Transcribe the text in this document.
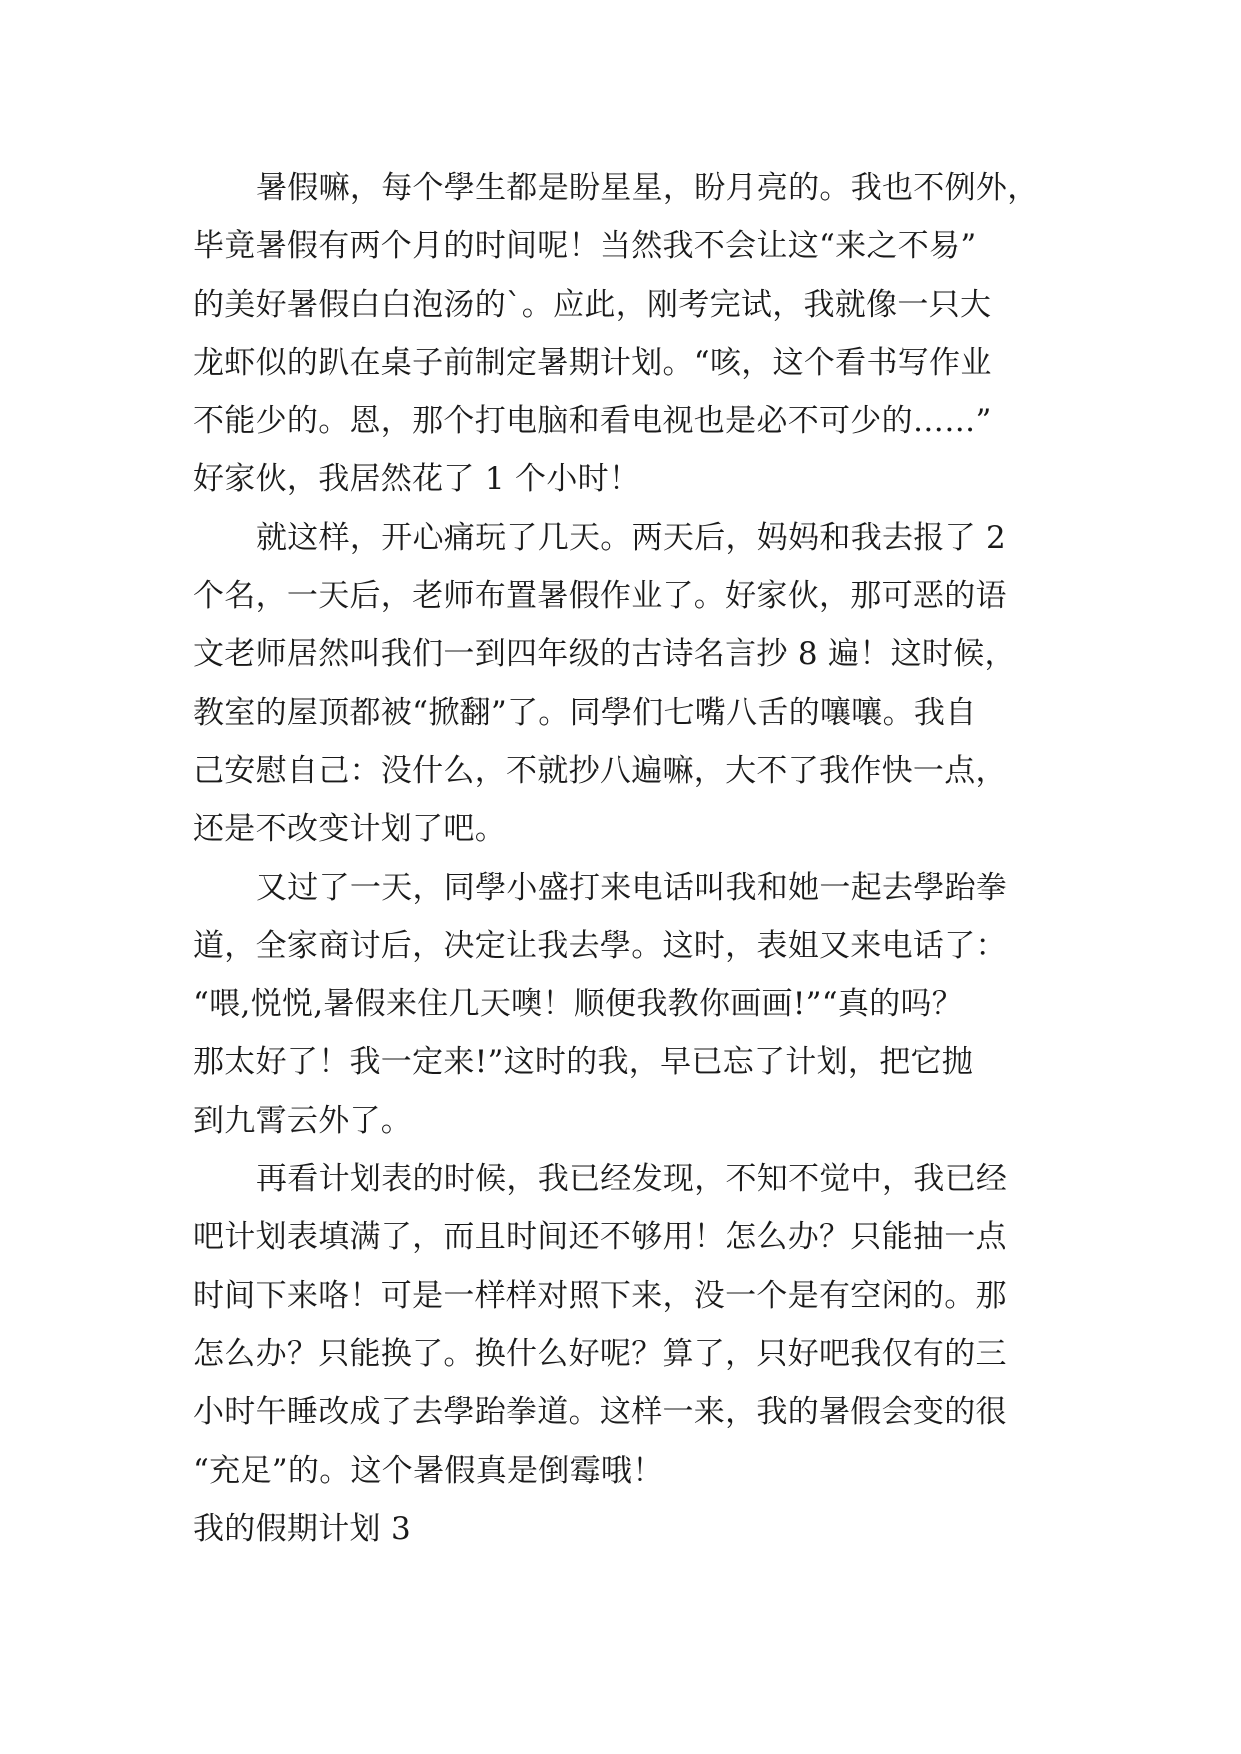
暑假嘛，每个學生都是盼星星，盼月亮的。我也不例外，
毕竟暑假有两个月的时间呢！当然我不会让这“来之不易”
的美好暑假白白泡汤的`。应此，刚考完试，我就像一只大
龙虾似的趴在桌子前制定暑期计划。“咳，这个看书写作业
不能少的。恩，那个打电脑和看电视也是必不可少的……”
好家伙，我居然花了 1 个小时！
就这样，开心痛玩了几天。两天后，妈妈和我去报了 2
个名，一天后，老师布置暑假作业了。好家伙，那可恶的语
文老师居然叫我们一到四年级的古诗名言抄 8 遍！这时候，
教室的屋顶都被“掀翻”了。同學们七嘴八舌的嚷嚷。我自
己安慰自己：没什么，不就抄八遍嘛，大不了我作快一点，
还是不改变计划了吧。
又过了一天，同學小盛打来电话叫我和她一起去學跆拳
道，全家商讨后，决定让我去學。这时，表姐又来电话了：
“喂,悦悦,暑假来住几天噢！顺便我教你画画!”“真的吗？
那太好了！我一定来!”这时的我，早已忘了计划，把它抛
到九霄云外了。
再看计划表的时候，我已经发现，不知不觉中，我已经
吧计划表填满了，而且时间还不够用！怎么办？只能抽一点
时间下来咯！可是一样样对照下来，没一个是有空闲的。那
怎么办？只能换了。换什么好呢？算了，只好吧我仅有的三
小时午睡改成了去學跆拳道。这样一来，我的暑假会变的很
“充足”的。这个暑假真是倒霉哦！
我的假期计划 3
